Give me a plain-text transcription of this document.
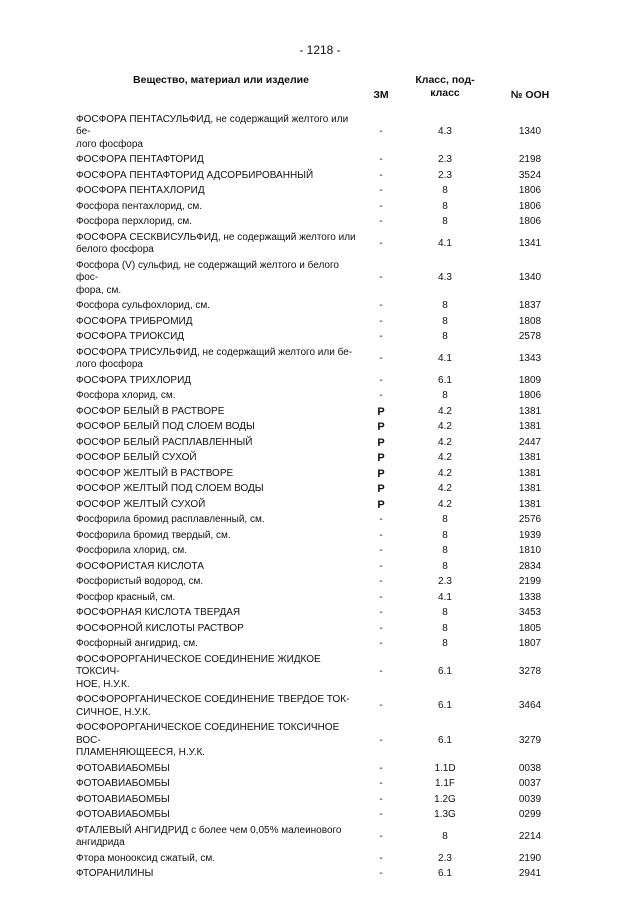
- 1218 -
Вещество, материал или изделие	ЗМ	Класс, под-
класс	№ ООН
ФОСФОРА ПЕНТАСУЛЬФИД, не содержащий желтого или бе-
лого фосфора	-	4.3	1340
ФОСФОРА ПЕНТАФТОРИД	-	2.3	2198
ФОСФОРА ПЕНТАФТОРИД АДСОРБИРОВАННЫЙ	-	2.3	3524
ФОСФОРА ПЕНТАХЛОРИД	-	8	1806
Фосфора пентахлорид, см.	-	8	1806
Фосфора перхлорид, см.	-	8	1806
ФОСФОРА СЕСКВИСУЛЬФИД, не содержащий желтого или
белого фосфора	-	4.1	1341
Фосфора (V) сульфид, не содержащий желтого и белого фос-
фора, см.	-	4.3	1340
Фосфора сульфохлорид, см.	-	8	1837
ФОСФОРА ТРИБРОМИД	-	8	1808
ФОСФОРА ТРИОКСИД	-	8	2578
ФОСФОРА ТРИСУЛЬФИД, не содержащий желтого или бе-
лого фосфора	-	4.1	1343
ФОСФОРА ТРИХЛОРИД	-	6.1	1809
Фосфора хлорид, см.	-	8	1806
ФОСФОР БЕЛЫЙ В РАСТВОРЕ	P	4.2	1381
ФОСФОР БЕЛЫЙ ПОД СЛОЕМ ВОДЫ	P	4.2	1381
ФОСФОР БЕЛЫЙ РАСПЛАВЛЕННЫЙ	P	4.2	2447
ФОСФОР БЕЛЫЙ СУХОЙ	P	4.2	1381
ФОСФОР ЖЕЛТЫЙ В РАСТВОРЕ	P	4.2	1381
ФОСФОР ЖЕЛТЫЙ ПОД СЛОЕМ ВОДЫ	P	4.2	1381
ФОСФОР ЖЕЛТЫЙ СУХОЙ	P	4.2	1381
Фосфорила бромид расплавленный, см.	-	8	2576
Фосфорила бромид твердый, см.	-	8	1939
Фосфорила хлорид, см.	-	8	1810
ФОСФОРИСТАЯ КИСЛОТА	-	8	2834
Фосфористый водород, см.	-	2.3	2199
Фосфор красный, см.	-	4.1	1338
ФОСФОРНАЯ КИСЛОТА ТВЕРДАЯ	-	8	3453
ФОСФОРНОЙ КИСЛОТЫ РАСТВОР	-	8	1805
Фосфорный ангидрид, см.	-	8	1807
ФОСФОРОРГАНИЧЕСКОЕ СОЕДИНЕНИЕ ЖИДКОЕ ТОКСИЧ-
НОЕ, Н.У.К.	-	6.1	3278
ФОСФОРОРГАНИЧЕСКОЕ СОЕДИНЕНИЕ ТВЕРДОЕ ТОК-
СИЧНОЕ, Н.У.К.	-	6.1	3464
ФОСФОРОРГАНИЧЕСКОЕ СОЕДИНЕНИЕ ТОКСИЧНОЕ ВОС-
ПЛАМЕНЯЮЩЕЕСЯ, Н.У.К.	-	6.1	3279
ФОТОАВИАБОМБЫ	-	1.1D	0038
ФОТОАВИАБОМБЫ	-	1.1F	0037
ФОТОАВИАБОМБЫ	-	1.2G	0039
ФОТОАВИАБОМБЫ	-	1.3G	0299
ФТАЛЕВЫЙ АНГИДРИД с более чем 0,05% малеинового ангидрида	-	8	2214
Фтора монооксид сжатый, см.	-	2.3	2190
ФТОРАНИЛИНЫ	-	6.1	2941
